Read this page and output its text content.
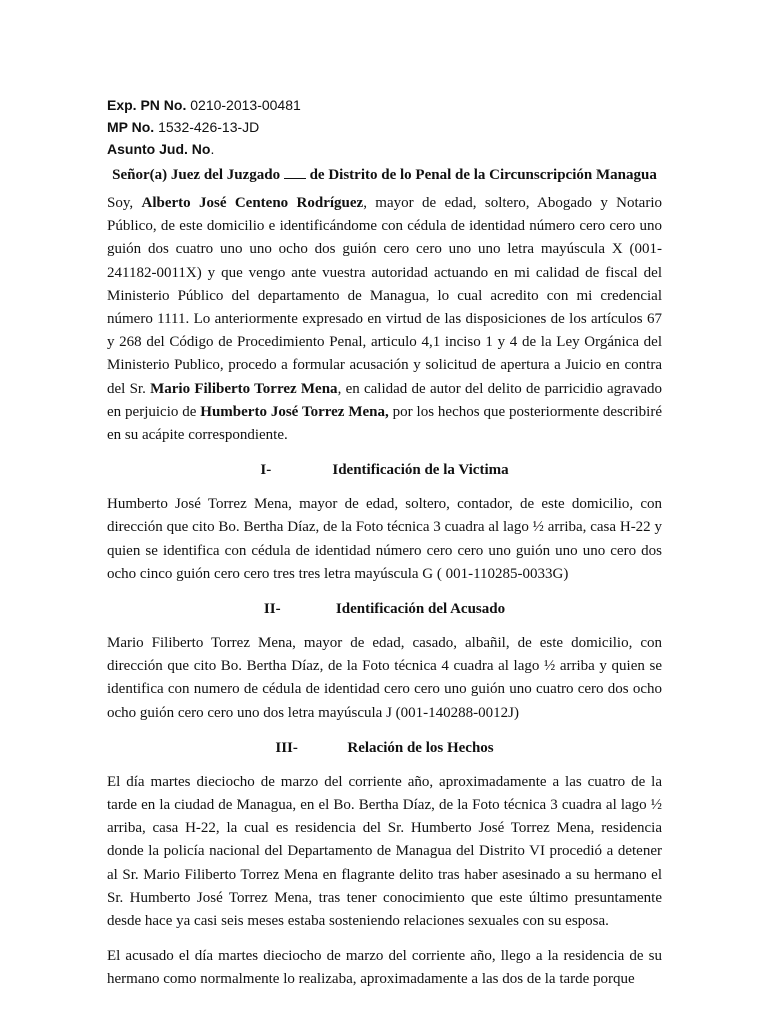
Exp. PN No. 0210-2013-00481
MP No. 1532-426-13-JD
Asunto Jud. No.
Señor(a) Juez del Juzgado de Distrito de lo Penal de la Circunscripción Managua

Soy, Alberto José Centeno Rodríguez, mayor de edad, soltero, Abogado y Notario Público, de este domicilio e identificándome con cédula de identidad número cero cero uno guión dos cuatro uno uno ocho dos guión cero cero uno uno letra mayúscula X (001-241182-0011X) y que vengo ante vuestra autoridad actuando en mi calidad de fiscal del Ministerio Público del departamento de Managua, lo cual acredito con mi credencial número 1111. Lo anteriormente expresado en virtud de las disposiciones de los artículos 67 y 268 del Código de Procedimiento Penal, articulo 4,1 inciso 1 y 4 de la Ley Orgánica del Ministerio Publico, procedo a formular acusación y solicitud de apertura a Juicio en contra del Sr. Mario Filiberto Torrez Mena, en calidad de autor del delito de parricidio agravado en perjuicio de Humberto José Torrez Mena, por los hechos que posteriormente describiré en su acápite correspondiente.

I-	Identificación de la Victima

Humberto José Torrez Mena, mayor de edad, soltero, contador, de este domicilio, con dirección que cito Bo. Bertha Díaz, de la Foto técnica 3 cuadra al lago ½ arriba, casa H-22 y quien se identifica con cédula de identidad número cero cero uno guión uno uno cero dos ocho cinco guión cero cero tres tres letra mayúscula G ( 001-110285-0033G)

II-	Identificación del Acusado

Mario Filiberto Torrez Mena, mayor de edad, casado, albañil, de este domicilio, con dirección que cito Bo. Bertha Díaz, de la Foto técnica 4 cuadra al lago ½ arriba y quien se identifica con numero de cédula de identidad cero cero uno guión uno cuatro cero dos ocho ocho guión cero cero uno dos letra mayúscula J (001-140288-0012J)

III-	Relación de los Hechos

El día martes dieciocho de marzo del corriente año, aproximadamente a las cuatro de la tarde en la ciudad de Managua, en el Bo. Bertha Díaz, de la Foto técnica 3 cuadra al lago ½ arriba, casa H-22, la cual es residencia del Sr. Humberto José Torrez Mena, residencia donde la policía nacional del Departamento de Managua del Distrito VI procedió a detener al Sr. Mario Filiberto Torrez Mena en flagrante delito tras haber asesinado a su hermano el Sr. Humberto José Torrez Mena, tras tener conocimiento que este último presuntamente desde hace ya casi seis meses estaba sosteniendo relaciones sexuales con su esposa.

El acusado el día martes dieciocho de marzo del corriente año, llego a la residencia de su hermano como normalmente lo realizaba, aproximadamente a las dos de la tarde porque
